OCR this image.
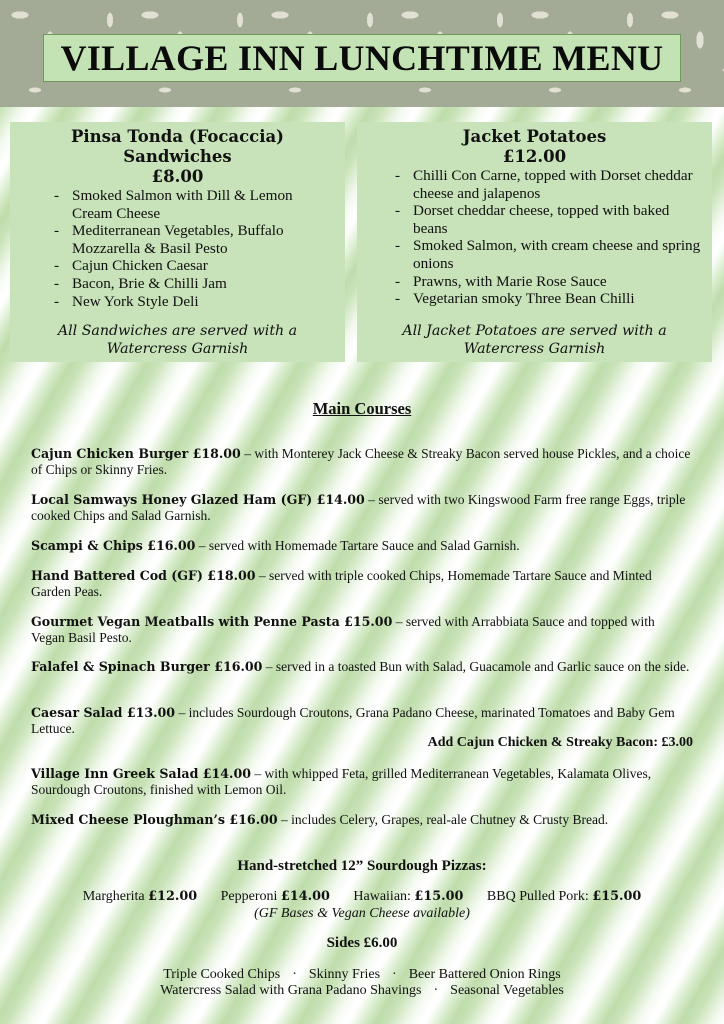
VILLAGE INN LUNCHTIME MENU
Pinsa Tonda (Focaccia) Sandwiches

£8.00

- Smoked Salmon with Dill & Lemon Cream Cheese
- Mediterranean Vegetables, Buffalo Mozzarella & Basil Pesto
- Cajun Chicken Caesar
- Bacon, Brie & Chilli Jam
- New York Style Deli
All Sandwiches are served with a Watercress Garnish
Jacket Potatoes

£12.00

- Chilli Con Carne, topped with Dorset cheddar cheese and jalapenos
- Dorset cheddar cheese, topped with baked beans
- Smoked Salmon, with cream cheese and spring onions
- Prawns, with Marie Rose Sauce
- Vegetarian smoky Three Bean Chilli
All Jacket Potatoes are served with a Watercress Garnish
Main Courses
Cajun Chicken Burger £18.00 – with Monterey Jack Cheese & Streaky Bacon served house Pickles, and a choice of Chips or Skinny Fries.
Local Samways Honey Glazed Ham (GF) £14.00 – served with two Kingswood Farm free range Eggs, triple cooked Chips and Salad Garnish.
Scampi & Chips £16.00 – served with Homemade Tartare Sauce and Salad Garnish.
Hand Battered Cod (GF) £18.00 – served with triple cooked Chips, Homemade Tartare Sauce and Minted Garden Peas.
Gourmet Vegan Meatballs with Penne Pasta £15.00 – served with Arrabbiata Sauce and topped with Vegan Basil Pesto.
Falafel & Spinach Burger £16.00 – served in a toasted Bun with Salad, Guacamole and Garlic sauce on the side.
Caesar Salad £13.00 – includes Sourdough Croutons, Grana Padano Cheese, marinated Tomatoes and Baby Gem Lettuce.
Add Cajun Chicken & Streaky Bacon: £3.00
Village Inn Greek Salad £14.00 – with whipped Feta, grilled Mediterranean Vegetables, Kalamata Olives, Sourdough Croutons, finished with Lemon Oil.
Mixed Cheese Ploughman’s £16.00 – includes Celery, Grapes, real-ale Chutney & Crusty Bread.
Hand-stretched 12” Sourdough Pizzas:
Margherita £12.00 Pepperoni £14.00 Hawaiian: £15.00 BBQ Pulled Pork: £15.00
(GF Bases & Vegan Cheese available)
Sides £6.00
Triple Cooked Chips · Skinny Fries · Beer Battered Onion Rings
Watercress Salad with Grana Padano Shavings · Seasonal Vegetables
